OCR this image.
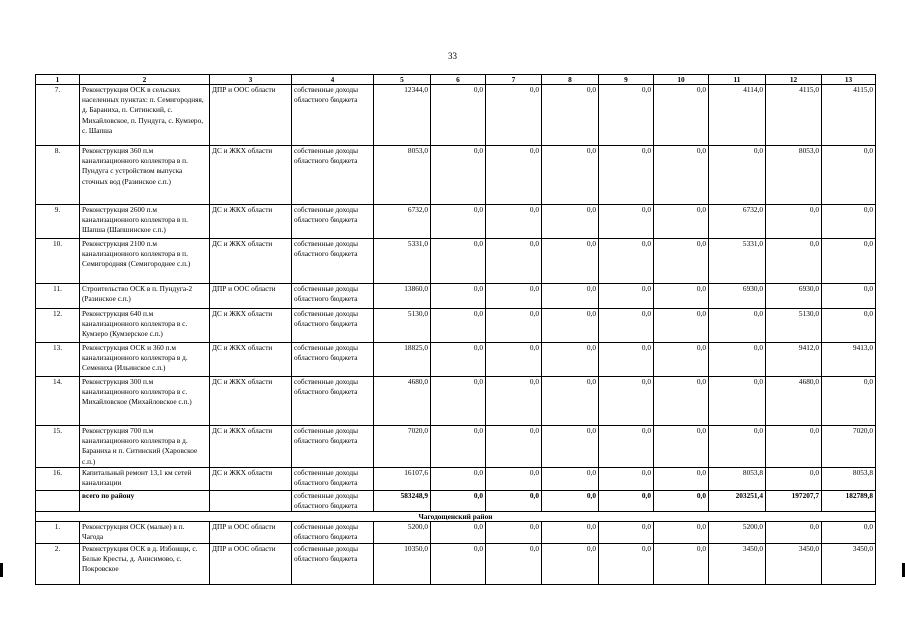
33
1	2	3	4	5	6	7	8	9	10	11	12	13
7.	Реконструкция ОСК в сельских населенных пунктах: п. Семигородняя, д. Бараниха, п. Ситинский, с. Михайловское, п. Пундуга, с. Кумзеро, с. Шапша	ДПР и ООС области	собственные доходы областного бюджета	12344,0	0,0	0,0	0,0	0,0	0,0	4114,0	4115,0	4115,0
8.	Реконструкция 360 п.м канализационного коллектора в п. Пундуга с устройством выпуска сточных вод (Разинское с.п.)	ДС и ЖКХ области	собственные доходы областного бюджета	8053,0	0,0	0,0	0,0	0,0	0,0	0,0	8053,0	0,0
9.	Реконструкция 2600 п.м канализационного коллектора в п. Шапша (Шапшинское с.п.)	ДС и ЖКХ области	собственные доходы областного бюджета	6732,0	0,0	0,0	0,0	0,0	0,0	6732,0	0,0	0,0
10.	Реконструкция 2100 п.м канализационного коллектора в п. Семигородняя (Семигороднее с.п.)	ДС и ЖКХ области	собственные доходы областного бюджета	5331,0	0,0	0,0	0,0	0,0	0,0	5331,0	0,0	0,0
11.	Строительство ОСК в п. Пундуга-2 (Разинское с.п.)	ДПР и ООС области	собственные доходы областного бюджета	13860,0	0,0	0,0	0,0	0,0	0,0	6930,0	6930,0	0,0
12.	Реконструкция 640 п.м канализационного коллектора в с. Кумзеро (Кумзерское с.п.)	ДС и ЖКХ области	собственные доходы областного бюджета	5130,0	0,0	0,0	0,0	0,0	0,0	0,0	5130,0	0,0
13.	Реконструкция ОСК и 360 п.м канализационного коллектора в д. Семениха (Ильинское с.п.)	ДС и ЖКХ области	собственные доходы областного бюджета	18825,0	0,0	0,0	0,0	0,0	0,0	0,0	9412,0	9413,0
14.	Реконструкция 300 п.м канализационного коллектора в с. Михайловское (Михайловское с.п.)	ДС и ЖКХ области	собственные доходы областного бюджета	4680,0	0,0	0,0	0,0	0,0	0,0	0,0	4680,0	0,0
15.	Реконструкция 700 п.м канализационного коллектора в д. Бараниха и п. Ситинский (Харовское с.п.)	ДС и ЖКХ области	собственные доходы областного бюджета	7020,0	0,0	0,0	0,0	0,0	0,0	0,0	0,0	7020,0
16.	Капитальный ремонт 13,1 км сетей канализации	ДС и ЖКХ области	собственные доходы областного бюджета	16107,6	0,0	0,0	0,0	0,0	0,0	8053,8	0,0	8053,8
	всего по району		собственные доходы областного бюджета	583248,9	0,0	0,0	0,0	0,0	0,0	203251,4	197207,7	182789,8
Чагодощенский район												
1.	Реконструкция ОСК (малые) в п. Чагода	ДПР и ООС области	собственные доходы областного бюджета	5200,0	0,0	0,0	0,0	0,0	0,0	5200,0	0,0	0,0
2.	Реконструкция ОСК в д. Избоищи, с. Белые Кресты, д. Анисимово, с. Покровское	ДПР и ООС области	собственные доходы областного бюджета	10350,0	0,0	0,0	0,0	0,0	0,0	3450,0	3450,0	3450,0
